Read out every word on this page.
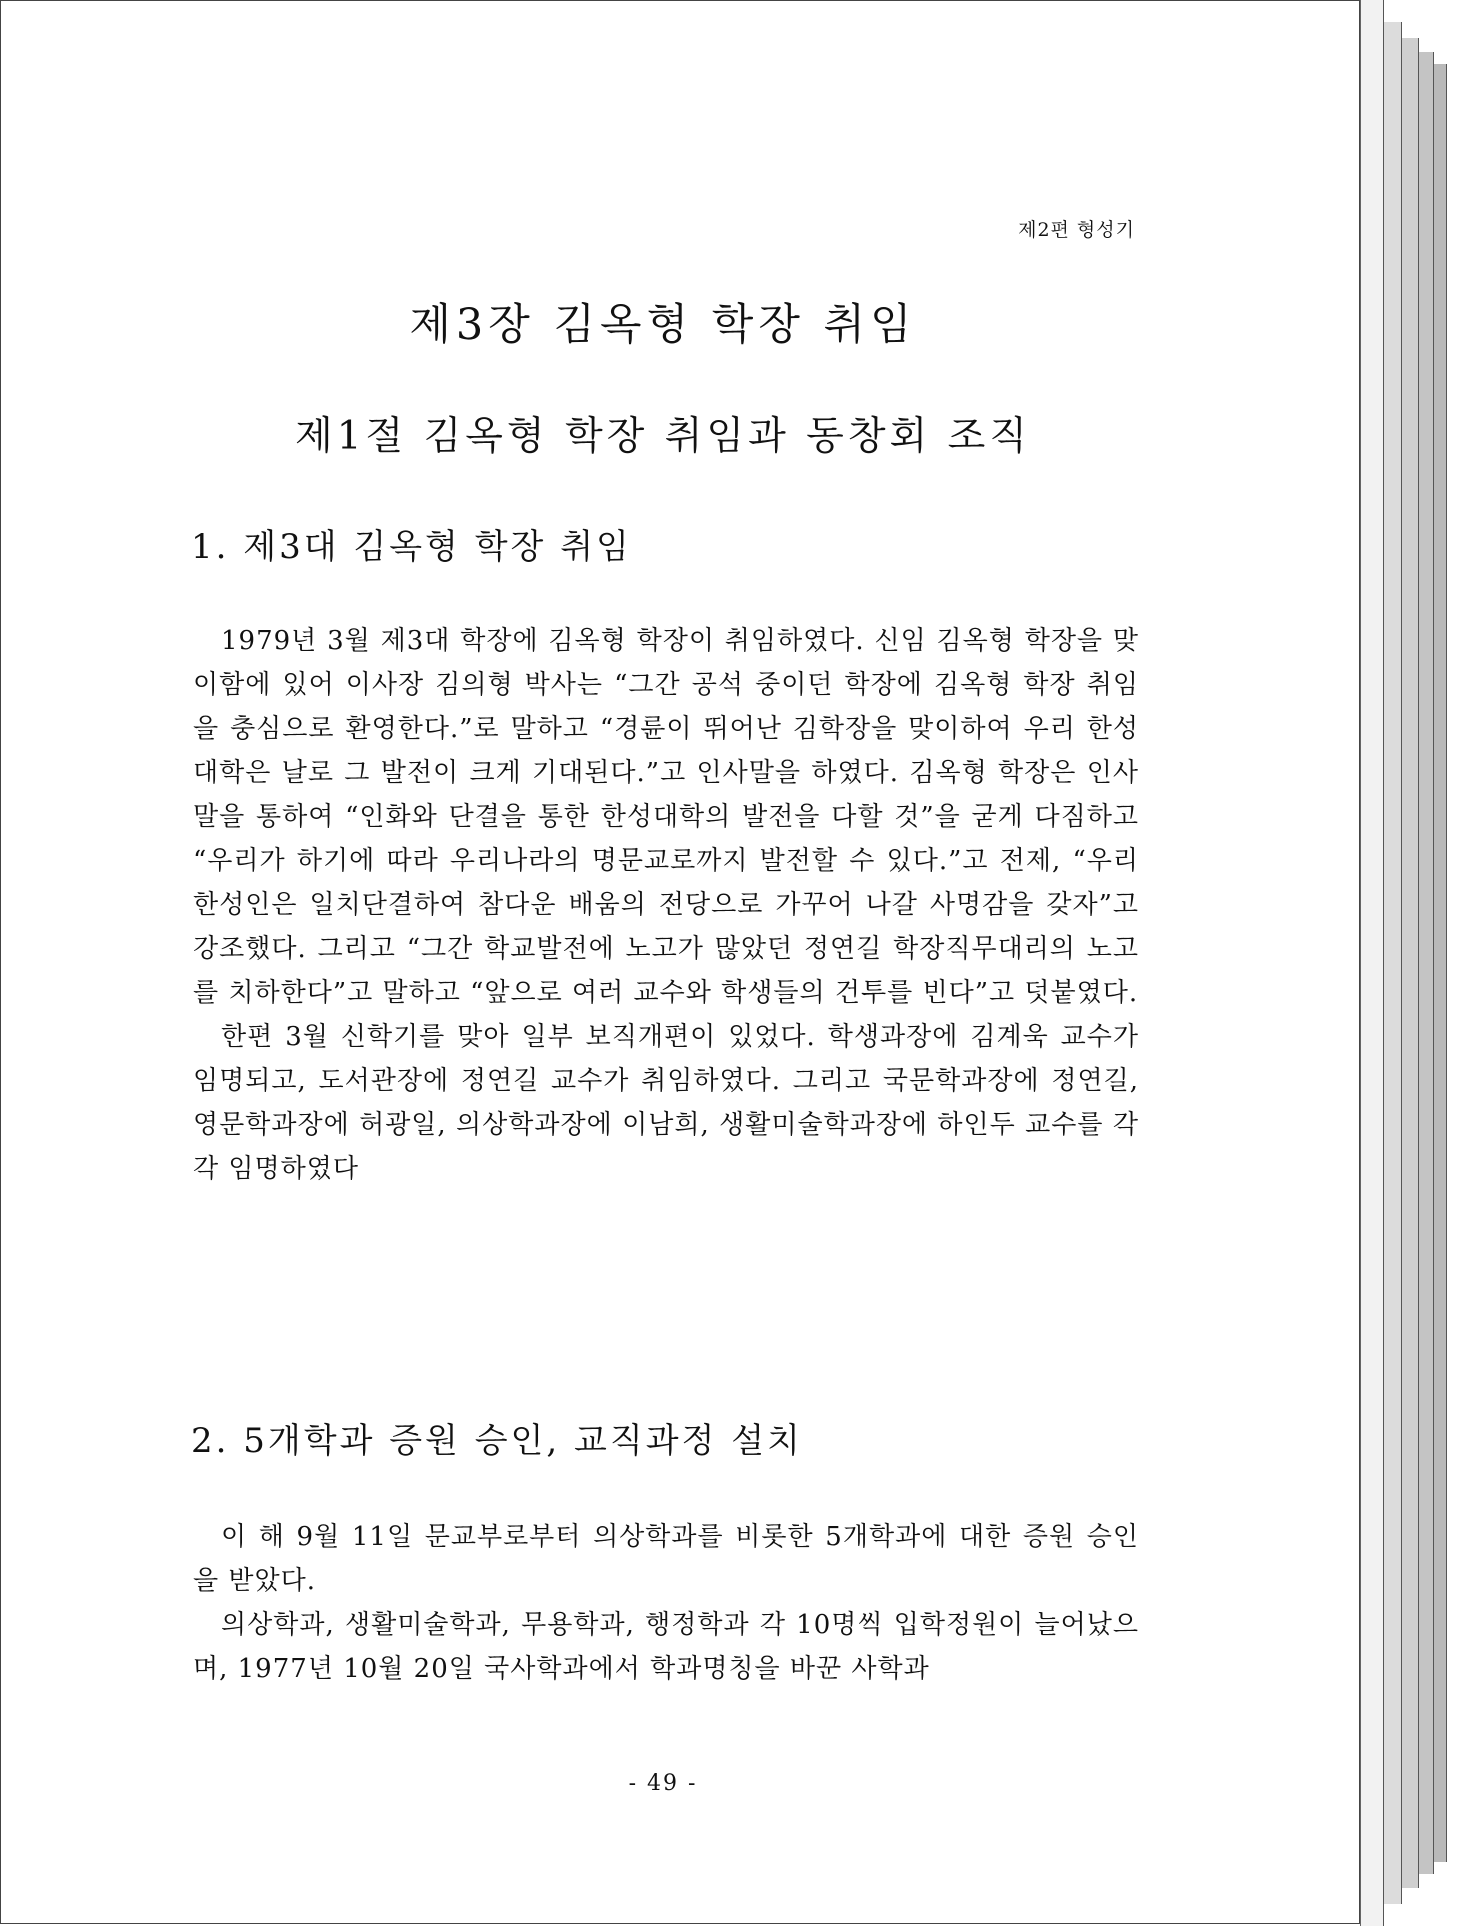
제2편 형성기
제3장 김옥형 학장 취임
제1절 김옥형 학장 취임과 동창회 조직
1. 제3대 김옥형 학장 취임

1979년 3월 제3대 학장에 김옥형 학장이 취임하였다. 신임 김옥형 학장을 맞이함에 있어 이사장 김의형 박사는 “그간 공석 중이던 학장에 김옥형 학장 취임을 충심으로 환영한다.”로 말하고 “경륜이 뛰어난 김학장을 맞이하여 우리 한성대학은 날로 그 발전이 크게 기대된다.”고 인사말을 하였다. 김옥형 학장은 인사말을 통하여 “인화와 단결을 통한 한성대학의 발전을 다할 것”을 굳게 다짐하고 “우리가 하기에 따라 우리나라의 명문교로까지 발전할 수 있다.”고 전제, “우리 한성인은 일치단결하여 참다운 배움의 전당으로 가꾸어 나갈 사명감을 갖자”고 강조했다. 그리고 “그간 학교발전에 노고가 많았던 정연길 학장직무대리의 노고를 치하한다”고 말하고 “앞으로 여러 교수와 학생들의 건투를 빈다”고 덧붙였다.

한편 3월 신학기를 맞아 일부 보직개편이 있었다. 학생과장에 김계욱 교수가 임명되고, 도서관장에 정연길 교수가 취임하였다. 그리고 국문학과장에 정연길, 영문학과장에 허광일, 의상학과장에 이남희, 생활미술학과장에 하인두 교수를 각각 임명하였다

2. 5개학과 증원 승인, 교직과정 설치

이 해 9월 11일 문교부로부터 의상학과를 비롯한 5개학과에 대한 증원 승인을 받았다.

의상학과, 생활미술학과, 무용학과, 행정학과 각 10명씩 입학정원이 늘어났으며, 1977년 10월 20일 국사학과에서 학과명칭을 바꾼 사학과

- 49 -
